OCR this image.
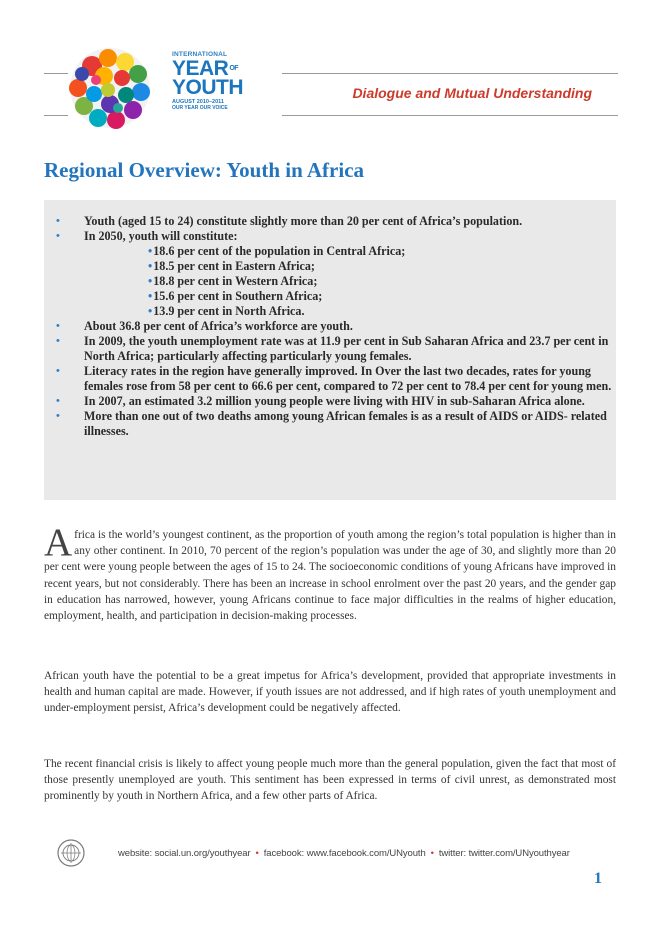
INTERNATIONAL
YEAROF
YOUTH
AUGUST 2010–2011
OUR YEAR OUR VOICE
Dialogue and Mutual Understanding
Regional Overview: Youth in Africa
• Youth (aged 15 to 24) constitute slightly more than 20 per cent of Africa’s population.
• In 2050, youth will constitute:
•18.6 per cent of the population in Central Africa;
•18.5 per cent in Eastern Africa;
•18.8 per cent in Western Africa;
•15.6 per cent in Southern Africa;
•13.9 per cent in North Africa.
• About 36.8 per cent of Africa’s workforce are youth.
• In 2009, the youth unemployment rate was at 11.9 per cent in Sub Saharan Africa and 23.7 per cent in North Africa; particularly affecting particularly young females.
• Literacy rates in the region have generally improved. In Over the last two decades, rates for young females rose from 58 per cent to 66.6 per cent, compared to 72 per cent to 78.4 per cent for young men.
• In 2007, an estimated 3.2 million young people were living with HIV in sub-Saharan Africa alone.
• More than one out of two deaths among young African females is as a result of AIDS or AIDS- related illnesses.
Africa is the world’s youngest continent, as the proportion of youth among the region’s total population is higher than in any other continent. In 2010, 70 percent of the region’s population was under the age of 30, and slightly more than 20 per cent were young people between the ages of 15 to 24. The socioeconomic conditions of young Africans have improved in recent years, but not considerably. There has been an increase in school enrolment over the past 20 years, and the gender gap in education has narrowed, however, young Africans continue to face major difficulties in the realms of higher education, employment, health, and participation in decision-making processes.
African youth have the potential to be a great impetus for Africa’s development, provided that appropriate investments in health and human capital are made. However, if youth issues are not addressed, and if high rates of youth unemployment and under-employment persist, Africa’s development could be negatively affected.
The recent financial crisis is likely to affect young people much more than the general population, given the fact that most of those presently unemployed are youth. This sentiment has been expressed in terms of civil unrest, as demonstrated most prominently by youth in Northern Africa, and a few other parts of Africa.
website: social.un.org/youthyear • facebook: www.facebook.com/UNyouth • twitter: twitter.com/UNyouthyear
1
